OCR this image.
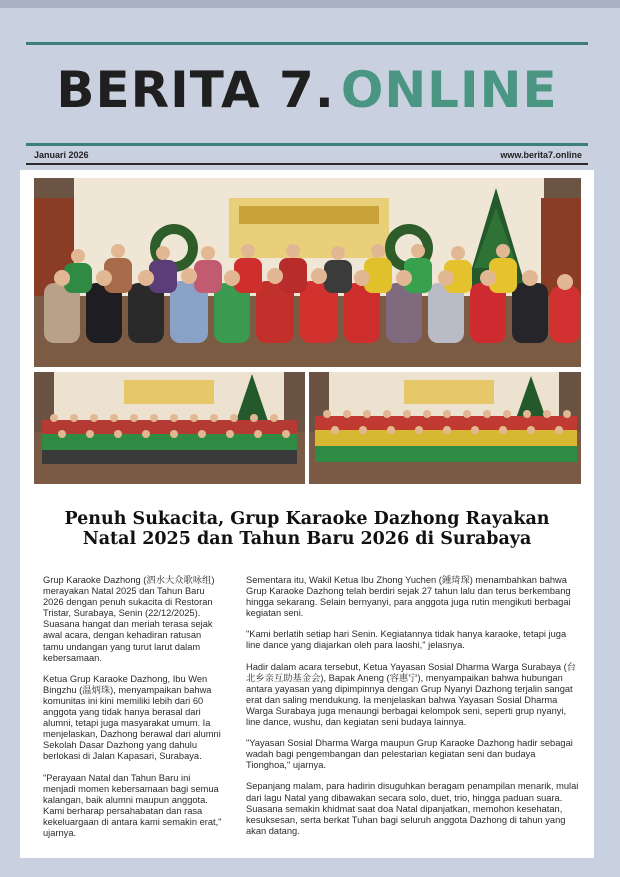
BERITA 7. ONLINE
Januari 2026	www.berita7.online
Penuh Sukacita, Grup Karaoke Dazhong Rayakan Natal 2025 dan Tahun Baru 2026 di Surabaya

Grup Karaoke Dazhong (泗水大众歌咏组) merayakan Natal 2025 dan Tahun Baru 2026 dengan penuh sukacita di Restoran Tristar, Surabaya, Senin (22/12/2025). Suasana hangat dan meriah terasa sejak awal acara, dengan kehadiran ratusan tamu undangan yang turut larut dalam kebersamaan.

Ketua Grup Karaoke Dazhong, Ibu Wen Bingzhu (温炳珠), menyampaikan bahwa komunitas ini kini memiliki lebih dari 60 anggota yang tidak hanya berasal dari alumni, tetapi juga masyarakat umum. Ia menjelaskan, Dazhong berawal dari alumni Sekolah Dasar Dazhong yang dahulu berlokasi di Jalan Kapasari, Surabaya.

"Perayaan Natal dan Tahun Baru ini menjadi momen kebersamaan bagi semua kalangan, baik alumni maupun anggota. Kami berharap persahabatan dan rasa kekeluargaan di antara kami semakin erat," ujarnya.

Sementara itu, Wakil Ketua Ibu Zhong Yuchen (鍾琦琛) menambahkan bahwa Grup Karaoke Dazhong telah berdiri sejak 27 tahun lalu dan terus berkembang hingga sekarang. Selain bernyanyi, para anggota juga rutin mengikuti berbagai kegiatan seni.

"Kami berlatih setiap hari Senin. Kegiatannya tidak hanya karaoke, tetapi juga line dance yang diajarkan oleh para laoshi," jelasnya.

Hadir dalam acara tersebut, Ketua Yayasan Sosial Dharma Warga Surabaya (台北乡亲互助基金会), Bapak Aneng (容惠宁), menyampaikan bahwa hubungan antara yayasan yang dipimpinnya dengan Grup Nyanyi Dazhong terjalin sangat erat dan saling mendukung. Ia menjelaskan bahwa Yayasan Sosial Dharma Warga Surabaya juga menaungi berbagai kelompok seni, seperti grup nyanyi, line dance, wushu, dan kegiatan seni budaya lainnya.

"Yayasan Sosial Dharma Warga maupun Grup Karaoke Dazhong hadir sebagai wadah bagi pengembangan dan pelestarian kegiatan seni dan budaya Tionghoa," ujarnya.

Sepanjang malam, para hadirin disuguhkan beragam penampilan menarik, mulai dari lagu Natal yang dibawakan secara solo, duet, trio, hingga paduan suara. Suasana semakin khidmat saat doa Natal dipanjatkan, memohon kesehatan, kesuksesan, serta berkat Tuhan bagi seluruh anggota Dazhong di tahun yang akan datang.
